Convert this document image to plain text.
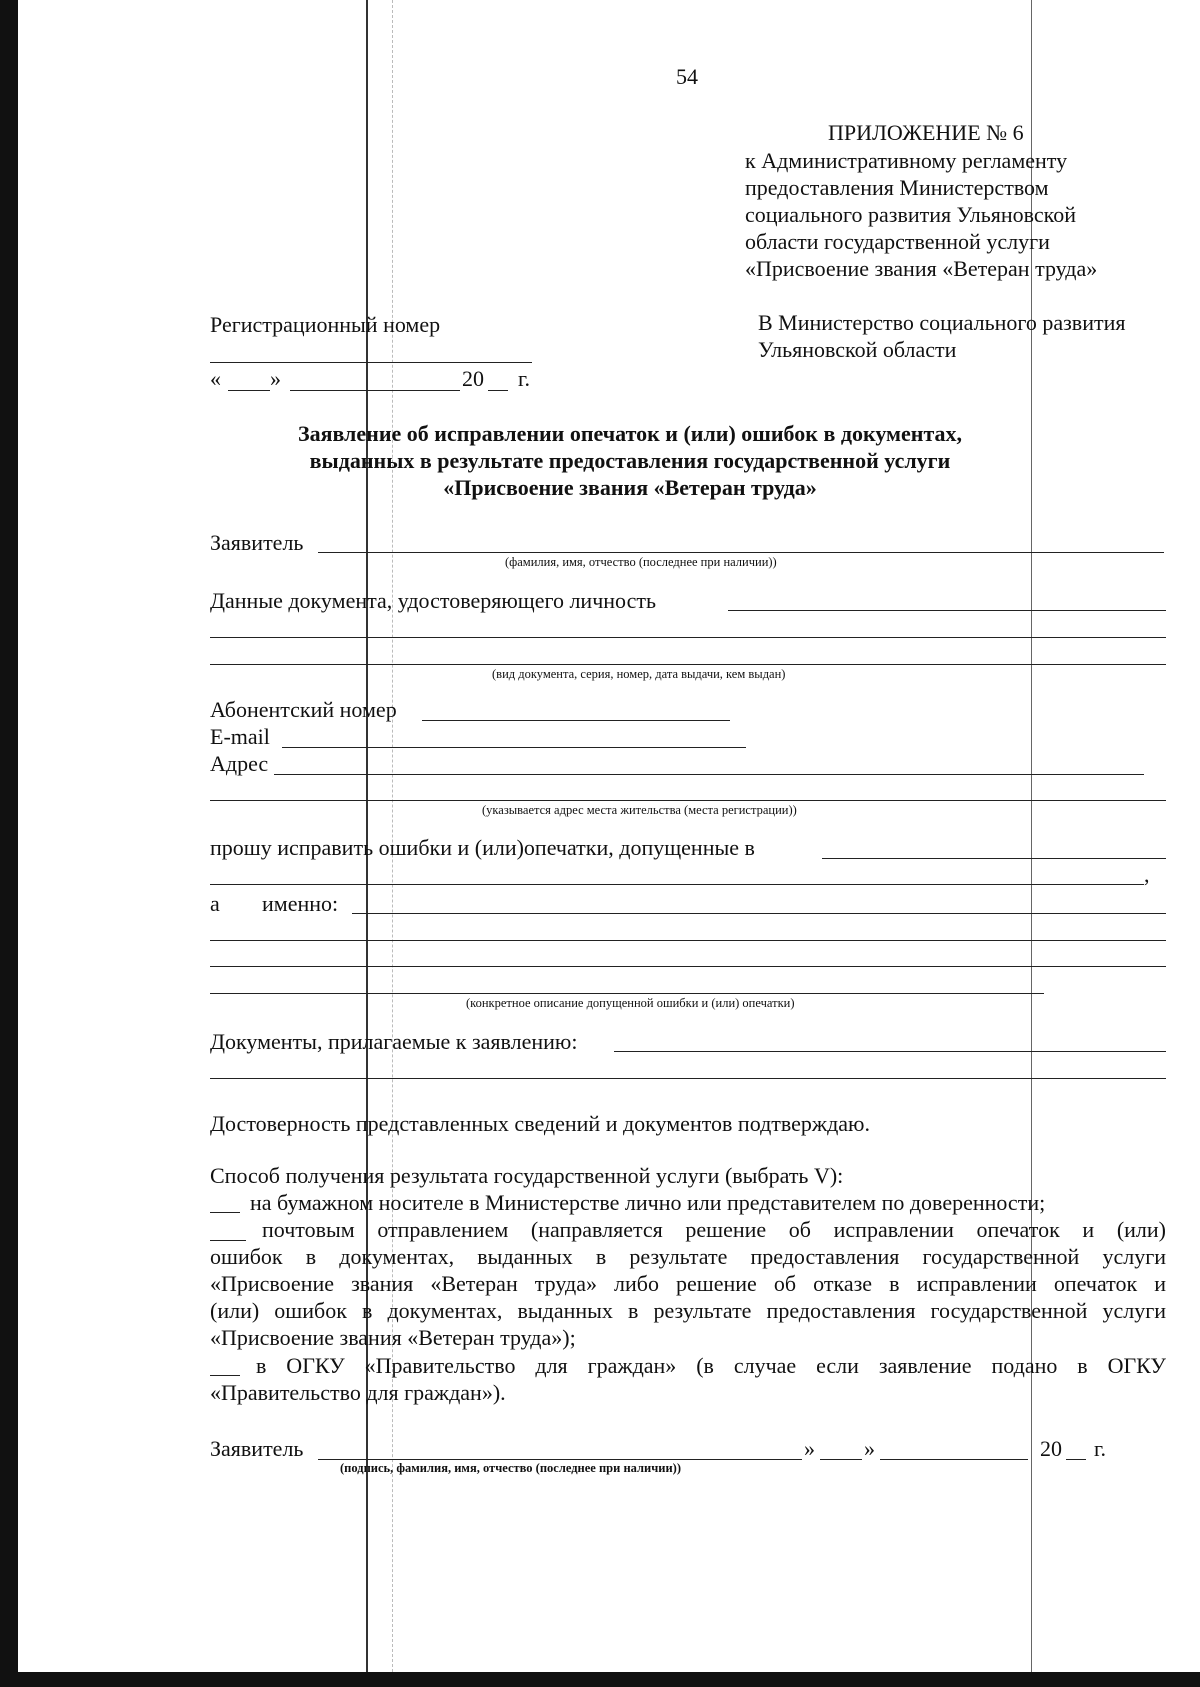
54
ПРИЛОЖЕНИЕ № 6
к Административному регламенту
предоставления Министерством
социального развития Ульяновской
области государственной услуги
«Присвоение звания «Ветеран труда»
Регистрационный номер
« »	20 г.
В Министерство социального развития
Ульяновской области
Заявление об исправлении опечаток и (или) ошибок в документах,
выданных в результате предоставления государственной услуги
«Присвоение звания «Ветеран труда»
Заявитель
(фамилия, имя, отчество (последнее при наличии))
Данные документа, удостоверяющего личность
(вид документа, серия, номер, дата выдачи, кем выдан)
Абонентский номер
E-mail
Адрес
(указывается адрес места жительства (места регистрации))
прошу исправить ошибки и (или)опечатки, допущенные в
,
а именно:
(конкретное описание допущенной ошибки и (или) опечатки)
Документы, прилагаемые к заявлению:
Достоверность представленных сведений и документов подтверждаю.
Способ получения результата государственной услуги (выбрать V):
на бумажном носителе в Министерстве лично или представителем по доверенности;
почтовым отправлением (направляется решение об исправлении опечаток и (или)
ошибок в документах, выданных в результате предоставления государственной услуги
«Присвоение звания «Ветеран труда» либо решение об отказе в исправлении опечаток и
(или) ошибок в документах, выданных в результате предоставления государственной услуги
«Присвоение звания «Ветеран труда»);
в ОГКУ «Правительство для граждан» (в случае если заявление подано в ОГКУ
«Правительство для граждан»).
Заявитель	» »	20 г.
(подпись, фамилия, имя, отчество (последнее при наличии))
